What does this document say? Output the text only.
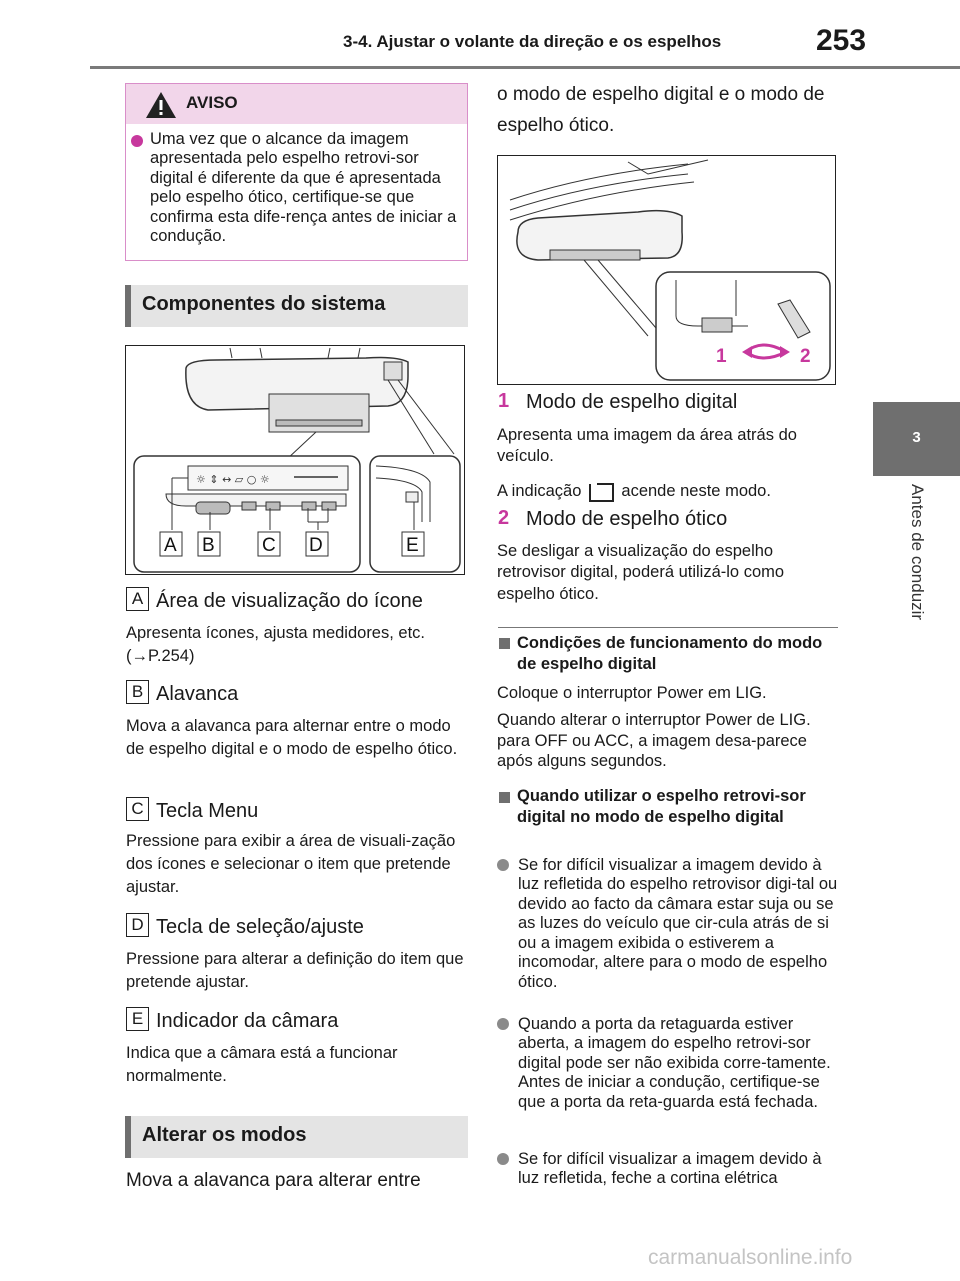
3-4. Ajustar o volante da direção e os espelhos	253
3
Antes de conduzir
AVISO
Uma vez que o alcance da imagem apresentada pelo espelho retrovi-sor digital é diferente da que é apresentada pelo espelho ótico, certifique-se que confirma esta dife-rença antes de iniciar a condução.
Componentes do sistema
☼ ⇕ ↔ ▱ ○ ☼
A B C D	E
A Área de visualização do ícone
Apresenta ícones, ajusta medidores, etc. (→P.254)
B Alavanca
Mova a alavanca para alternar entre o modo de espelho digital e o modo de espelho ótico.
C Tecla Menu
Pressione para exibir a área de visuali-zação dos ícones e selecionar o item que pretende ajustar.
D Tecla de seleção/ajuste
Pressione para alterar a definição do item que pretende ajustar.
E Indicador da câmara
Indica que a câmara está a funcionar normalmente.
Alterar os modos
Mova a alavanca para alterar entre
o modo de espelho digital e o modo de espelho ótico.
1	2
1 Modo de espelho digital
Apresenta uma imagem da área atrás do veículo.
A indicação acende neste modo.
2 Modo de espelho ótico
Se desligar a visualização do espelho retrovisor digital, poderá utilizá-lo como espelho ótico.
Condições de funcionamento do modo de espelho digital
Coloque o interruptor Power em LIG.
Quando alterar o interruptor Power de LIG. para OFF ou ACC, a imagem desa-parece após alguns segundos.
Quando utilizar o espelho retrovi-sor digital no modo de espelho digital
Se for difícil visualizar a imagem devido à luz refletida do espelho retrovisor digi-tal ou devido ao facto da câmara estar suja ou se as luzes do veículo que cir-cula atrás de si ou a imagem exibida o estiverem a incomodar, altere para o modo de espelho ótico.
Quando a porta da retaguarda estiver aberta, a imagem do espelho retrovi-sor digital pode ser não exibida corre-tamente. Antes de iniciar a condução, certifique-se que a porta da reta-guarda está fechada.
Se for difícil visualizar a imagem devido à luz refletida, feche a cortina elétrica
carmanualsonline.info
